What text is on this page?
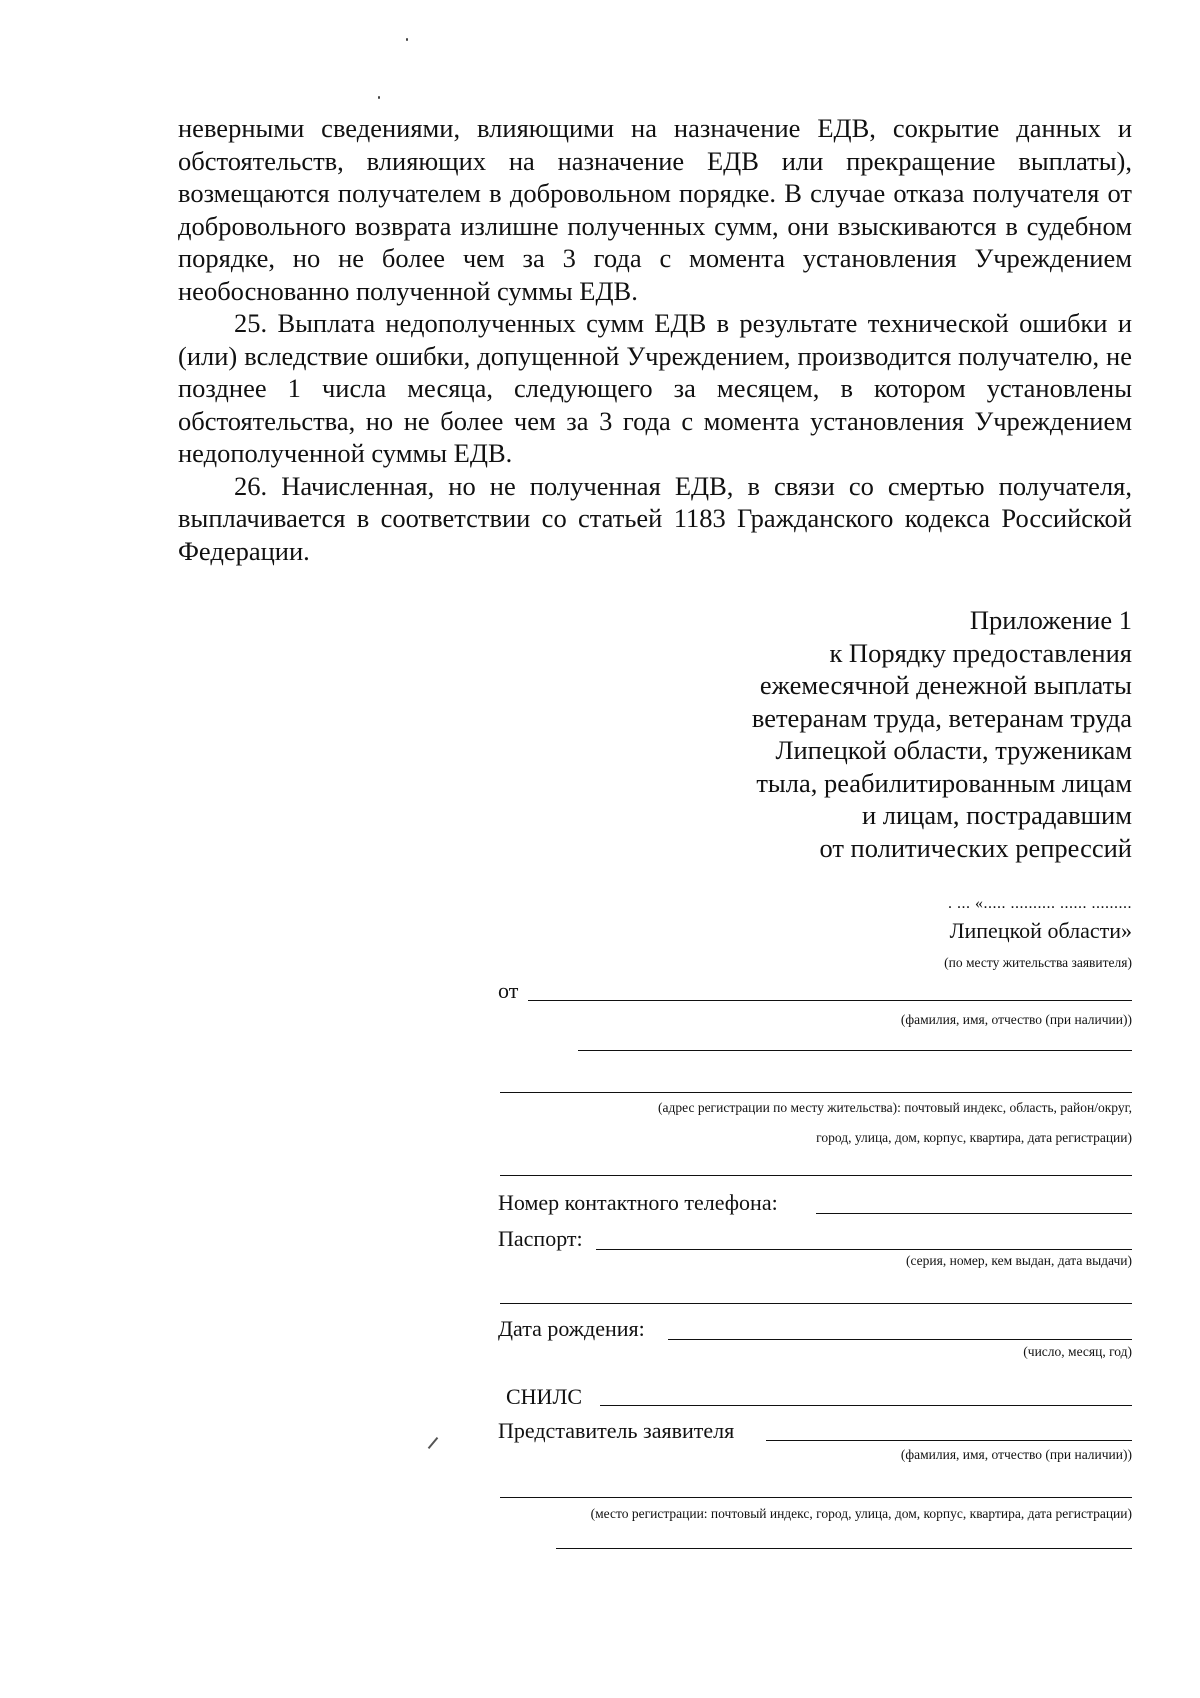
неверными сведениями, влияющими на назначение ЕДВ, сокрытие данных и обстоятельств, влияющих на назначение ЕДВ или прекращение выплаты), возмещаются получателем в добровольном порядке. В случае отказа получателя от добровольного возврата излишне полученных сумм, они взыскиваются в судебном порядке, но не более чем за 3 года с момента установления Учреждением необоснованно полученной суммы ЕДВ.

25. Выплата недополученных сумм ЕДВ в результате технической ошибки и (или) вследствие ошибки, допущенной Учреждением, производится получателю, не позднее 1 числа месяца, следующего за месяцем, в котором установлены обстоятельства, но не более чем за 3 года с момента установления Учреждением недополученной суммы ЕДВ.

26. Начисленная, но не полученная ЕДВ, в связи со смертью получателя, выплачивается в соответствии со статьей 1183 Гражданского кодекса Российской Федерации.

Приложение 1
к Порядку предоставления
ежемесячной денежной выплаты
ветеранам труда, ветеранам труда
Липецкой области, труженикам
тыла, реабилитированным лицам
и лицам, пострадавшим
от политических репрессий
. ... «..... .......... ...... .........
Липецкой области»
(по месту жительства заявителя)
от
(фамилия, имя, отчество (при наличии))
(адрес регистрации по месту жительства): почтовый индекс, область, район/округ,
город, улица, дом, корпус, квартира, дата регистрации)
Номер контактного телефона:
Паспорт:
(серия, номер, кем выдан, дата выдачи)
Дата рождения:
(число, месяц, год)
СНИЛС
Представитель заявителя
(фамилия, имя, отчество (при наличии))
(место регистрации: почтовый индекс, город, улица, дом, корпус, квартира, дата регистрации)
